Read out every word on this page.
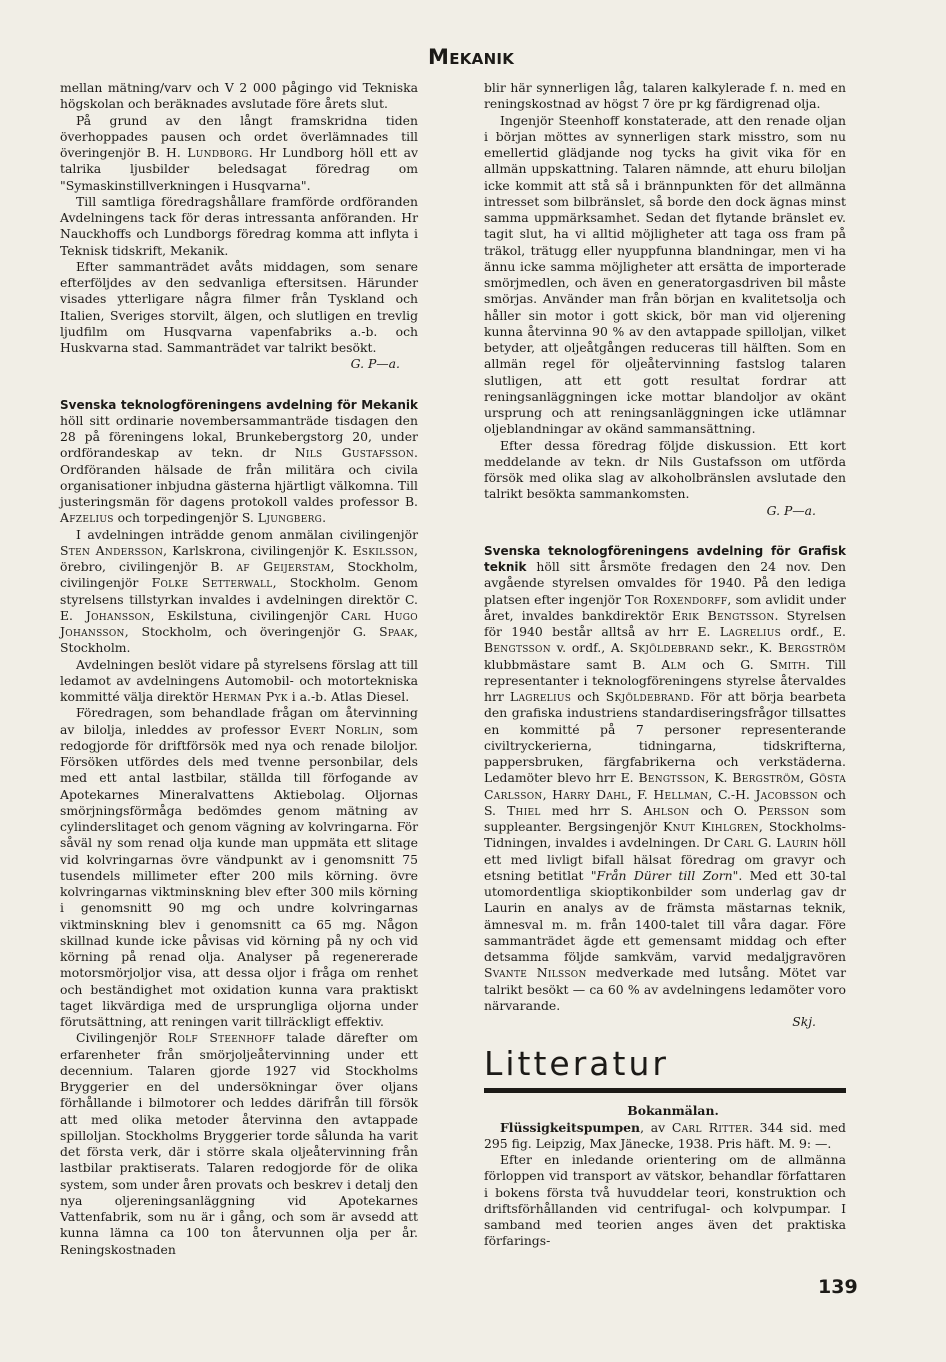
Mekanik

mellan mätning/varv och V 2 000 pågingo vid Tekniska högskolan och beräknades avslutade före årets slut.

På grund av den långt framskridna tiden överhoppades pausen och ordet överlämnades till överingenjör B. H. Lundborg. Hr Lundborg höll ett av talrika ljusbilder beledsagat föredrag om "Symaskinstillverkningen i Husqvarna".

Till samtliga föredragshållare framförde ordföranden Avdelningens tack för deras intressanta anföranden. Hr Nauckhoffs och Lundborgs föredrag komma att inflyta i Teknisk tidskrift, Mekanik.

Efter sammanträdet avåts middagen, som senare efterföljdes av den sedvanliga eftersitsen. Härunder visades ytterligare några filmer från Tyskland och Italien, Sveriges storvilt, älgen, och slutligen en trevlig ljudfilm om Husqvarna vapenfabriks a.-b. och Huskvarna stad. Sammanträdet var talrikt besökt.

G. P—a.

Svenska teknologföreningens avdelning för Mekanik höll sitt ordinarie novembersammanträde tisdagen den 28 på föreningens lokal, Brunkebergstorg 20, under ordförandeskap av tekn. dr Nils Gustafsson. Ordföranden hälsade de från militära och civila organisationer inbjudna gästerna hjärtligt välkomna. Till justeringsmän för dagens protokoll valdes professor B. Afzelius och torpedingenjör S. Ljungberg.

I avdelningen inträdde genom anmälan civilingenjör Sten Andersson, Karlskrona, civilingenjör K. Eskilsson, örebro, civilingenjör B. af Geijerstam, Stockholm, civilingenjör Folke Setterwall, Stockholm. Genom styrelsens tillstyrkan invaldes i avdelningen direktör C. E. Johansson, Eskilstuna, civilingenjör Carl Hugo Johansson, Stockholm, och överingenjör G. Spaak, Stockholm.

Avdelningen beslöt vidare på styrelsens förslag att till ledamot av avdelningens Automobil- och motortekniska kommitté välja direktör Herman Pyk i a.-b. Atlas Diesel.

Föredragen, som behandlade frågan om återvinning av bilolja, inleddes av professor Evert Norlin, som redogjorde för driftförsök med nya och renade biloljor. Försöken utfördes dels med tvenne personbilar, dels med ett antal lastbilar, ställda till förfogande av Apotekarnes Mineralvattens Aktiebolag. Oljornas smörjningsförmåga bedömdes genom mätning av cylinderslitaget och genom vägning av kolvringarna. För såväl ny som renad olja kunde man uppmäta ett slitage vid kolvringarnas övre vändpunkt av i genomsnitt 75 tusendels millimeter efter 200 mils körning. övre kolvringarnas viktminskning blev efter 300 mils körning i genomsnitt 90 mg och undre kolvringarnas viktminskning blev i genomsnitt ca 65 mg. Någon skillnad kunde icke påvisas vid körning på ny och vid körning på renad olja. Analyser på regenererade motorsmörjoljor visa, att dessa oljor i fråga om renhet och beständighet mot oxidation kunna vara praktiskt taget likvärdiga med de ursprungliga oljorna under förutsättning, att reningen varit tillräckligt effektiv.

Civilingenjör Rolf Steenhoff talade därefter om erfarenheter från smörjoljeåtervinning under ett decennium. Talaren gjorde 1927 vid Stockholms Bryggerier en del undersökningar över oljans förhållande i bilmotorer och leddes därifrån till försök att med olika metoder återvinna den avtappade spilloljan. Stockholms Bryggerier torde sålunda ha varit det första verk, där i större skala oljeåtervinning från lastbilar praktiserats. Talaren redogjorde för de olika system, som under åren provats och beskrev i detalj den nya oljereningsanläggning vid Apotekarnes Vattenfabrik, som nu är i gång, och som är avsedd att kunna lämna ca 100 ton återvunnen olja per år. Reningskostnaden

blir här synnerligen låg, talaren kalkylerade f. n. med en reningskostnad av högst 7 öre pr kg färdigrenad olja.

Ingenjör Steenhoff konstaterade, att den renade oljan i början möttes av synnerligen stark misstro, som nu emellertid glädjande nog tycks ha givit vika för en allmän uppskattning. Talaren nämnde, att ehuru biloljan icke kommit att stå så i brännpunkten för det allmänna intresset som bilbränslet, så borde den dock ägnas minst samma uppmärksamhet. Sedan det flytande bränslet ev. tagit slut, ha vi alltid möjligheter att taga oss fram på träkol, trätugg eller nyuppfunna blandningar, men vi ha ännu icke samma möjligheter att ersätta de importerade smörjmedlen, och även en generatorgasdriven bil måste smörjas. Använder man från början en kvalitetsolja och håller sin motor i gott skick, bör man vid oljerening kunna återvinna 90 % av den avtappade spilloljan, vilket betyder, att oljeåtgången reduceras till hälften. Som en allmän regel för oljeåtervinning fastslog talaren slutligen, att ett gott resultat fordrar att reningsanläggningen icke mottar blandoljor av okänt ursprung och att reningsanläggningen icke utlämnar oljeblandningar av okänd sammansättning.

Efter dessa föredrag följde diskussion. Ett kort meddelande av tekn. dr Nils Gustafsson om utförda försök med olika slag av alkoholbränslen avslutade den talrikt besökta sammankomsten.

G. P—a.

Svenska teknologföreningens avdelning för Grafisk teknik höll sitt årsmöte fredagen den 24 nov. Den avgående styrelsen omvaldes för 1940. På den lediga platsen efter ingenjör Tor Roxendorff, som avlidit under året, invaldes bankdirektör Erik Bengtsson. Styrelsen för 1940 består alltså av hrr E. Lagrelius ordf., E. Bengtsson v. ordf., A. Skjöldebrand sekr., K. Bergström klubbmästare samt B. Alm och G. Smith. Till representanter i teknologföreningens styrelse återvaldes hrr Lagrelius och Skjöldebrand. För att börja bearbeta den grafiska industriens standardiseringsfrågor tillsattes en kommitté på 7 personer representerande civiltryckerierna, tidningarna, tidskrifterna, pappersbruken, färgfabrikerna och verkstäderna. Ledamöter blevo hrr E. Bengtsson, K. Bergström, Gösta Carlsson, Harry Dahl, F. Hellman, C.-H. Jacobsson och S. Thiel med hrr S. Ahlson och O. Persson som suppleanter. Bergsingenjör Knut Kihlgren, Stockholms-Tidningen, invaldes i avdelningen. Dr Carl G. Laurin höll ett med livligt bifall hälsat föredrag om gravyr och etsning betitlat "Från Dürer till Zorn". Med ett 30-tal utomordentliga skioptikonbilder som underlag gav dr Laurin en analys av de främsta mästarnas teknik, ämnesval m. m. från 1400-talet till våra dagar. Före sammanträdet ägde ett gemensamt middag och efter detsamma följde samkväm, varvid medaljgravören Svante Nilsson medverkade med lutsång. Mötet var talrikt besökt — ca 60 % av avdelningens ledamöter voro närvarande.

Skj.

Litteratur

Bokanmälan.

Flüssigkeitspumpen, av Carl Ritter. 344 sid. med 295 fig. Leipzig, Max Jänecke, 1938. Pris häft. M. 9: —.

Efter en inledande orientering om de allmänna förloppen vid transport av vätskor, behandlar författaren i bokens första två huvuddelar teori, konstruktion och driftsförhållanden vid centrifugal- och kolvpumpar. I samband med teorien anges även det praktiska förfarings-

139
